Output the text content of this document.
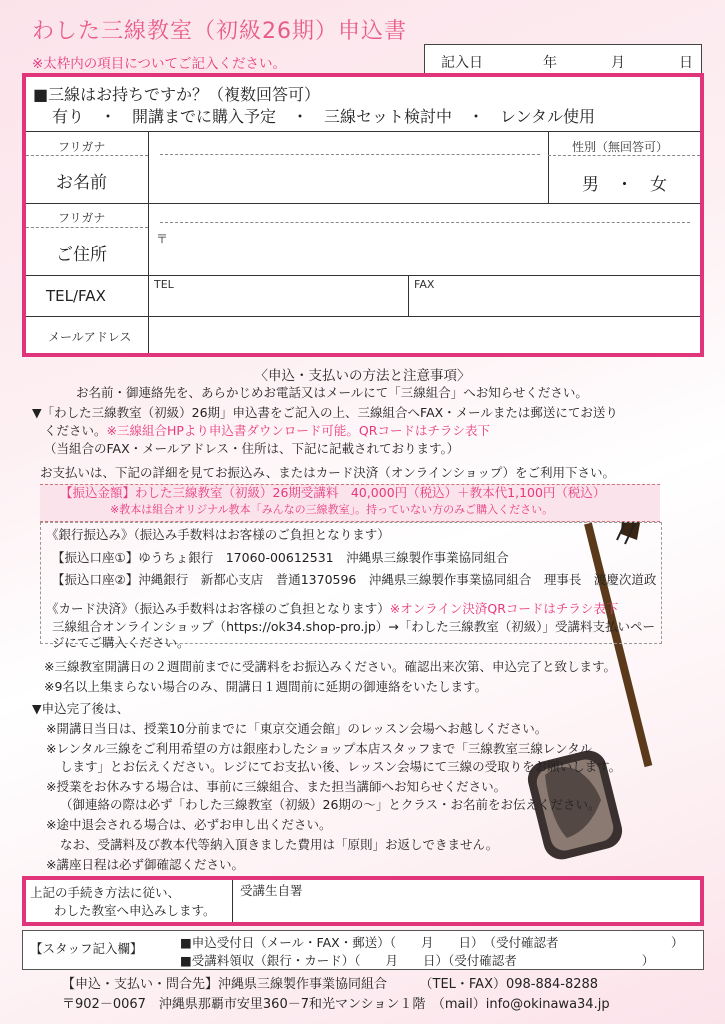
わした三線教室（初級26期）申込書
※太枠内の項目についてご記入ください。	記入日	年	月	日
■三線はお持ちですか？（複数回答可）
有り　・　開講までに購入予定　・　三線セット検討中　・　レンタル使用
フリガナ
お名前
性別（無回答可）
男　・　女
フリガナ
ご住所
〒
TEL/FAX
TEL	FAX
メールアドレス
〈申込・支払いの方法と注意事項〉
お名前・御連絡先を、あらかじめお電話又はメールにて「三線組合」へお知らせください。
▼「わした三線教室（初級）26期」申込書をご記入の上、三線組合へFAX・メールまたは郵送にてお送り
ください。※三線組合HPより申込書ダウンロード可能。QRコードはチラシ表下
（当組合のFAX・メールアドレス・住所は、下記に記載されております。）
お支払いは、下記の詳細を見てお振込み、またはカード決済（オンラインショップ）をご利用下さい。
【振込金額】わした三線教室（初級）26期受講料　40,000円（税込）＋教本代1,100円（税込）
※教本は組合オリジナル教本「みんなの三線教室」。持っていない方のみご購入ください。
《銀行振込み》（振込み手数料はお客様のご負担となります）
【振込口座①】ゆうちょ銀行　17060-00612531　沖縄県三線製作事業協同組合
【振込口座②】沖縄銀行　新都心支店　普通1370596　沖縄県三線製作事業協同組合　理事長　渡慶次道政
《カード決済》（振込み手数料はお客様のご負担となります）※オンライン決済QRコードはチラシ表下
三線組合オンラインショップ（https://ok34.shop-pro.jp）→「わした三線教室（初級）」受講料支払いペー
ジにてご購入ください。
※三線教室開講日の２週間前までに受講料をお振込みください。確認出来次第、申込完了と致します。
※9名以上集まらない場合のみ、開講日１週間前に延期の御連絡をいたします。
▼申込完了後は、
※開講日当日は、授業10分前までに「東京交通会館」のレッスン会場へお越しください。
※レンタル三線をご利用希望の方は銀座わしたショップ本店スタッフまで「三線教室三線レンタル
します」とお伝えください。レジにてお支払い後、レッスン会場にて三線の受取りをお願いします。
※授業をお休みする場合は、事前に三線組合、また担当講師へお知らせください。
（御連絡の際は必ず「わした三線教室（初級）26期の～」とクラス・お名前をお伝えください。
※途中退会される場合は、必ずお申し出ください。
なお、受講料及び教本代等納入頂きました費用は「原則」お返しできません。
※講座日程は必ず御確認ください。
上記の手続き方法に従い、
わした教室へ申込みします。
受講生自署
【スタッフ記入欄】	■申込受付日（メール・FAX・郵送）（　　月　　日）　（受付確認者　　　　　　　　　）
■受講料領収（銀行・カード）（　　月　　日）（受付確認者　　　　　　　　　　）
【申込・支払い・問合先】沖縄県三線製作事業協同組合　　　（TEL・FAX）098-884-8288
〒902－0067　沖縄県那覇市安里360－7和光マンション１階　（mail）info@okinawa34.jp
